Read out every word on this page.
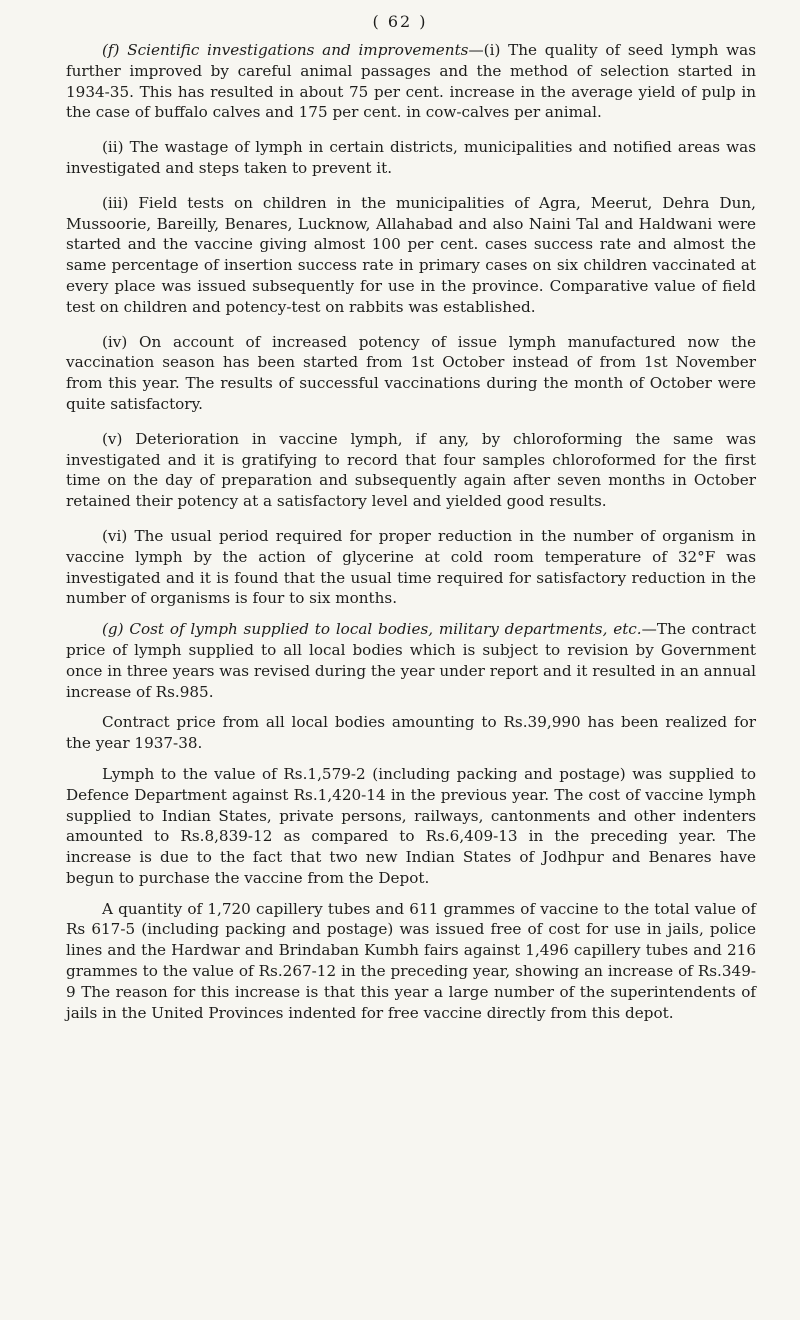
( 62 )

(f) Scientific investigations and improvements—(i) The quality of seed lymph was further improved by careful animal passages and the method of selection started in 1934-35. This has resulted in about 75 per cent. increase in the average yield of pulp in the case of buffalo calves and 175 per cent. in cow-calves per animal.

(ii) The wastage of lymph in certain districts, municipalities and notified areas was investigated and steps taken to prevent it.

(iii) Field tests on children in the municipalities of Agra, Meerut, Dehra Dun, Mussoorie, Bareilly, Benares, Lucknow, Allahabad and also Naini Tal and Haldwani were started and the vaccine giving almost 100 per cent. cases success rate and almost the same percentage of insertion success rate in primary cases on six children vaccinated at every place was issued subsequently for use in the province. Comparative value of field test on children and potency-test on rabbits was established.

(iv) On account of increased potency of issue lymph manufactured now the vaccination season has been started from 1st October instead of from 1st November from this year. The results of successful vaccinations during the month of October were quite satisfactory.

(v) Deterioration in vaccine lymph, if any, by chloroforming the same was investigated and it is gratifying to record that four samples chloroformed for the first time on the day of preparation and subsequently again after seven months in October retained their potency at a satisfactory level and yielded good results.

(vi) The usual period required for proper reduction in the number of organism in vaccine lymph by the action of glycerine at cold room temperature of 32°F was investigated and it is found that the usual time required for satisfactory reduction in the number of organisms is four to six months.

(g) Cost of lymph supplied to local bodies, military departments, etc.—The contract price of lymph supplied to all local bodies which is subject to revision by Government once in three years was revised during the year under report and it resulted in an annual increase of Rs.985.

Contract price from all local bodies amounting to Rs.39,990 has been realized for the year 1937-38.

Lymph to the value of Rs.1,579-2 (including packing and postage) was supplied to Defence Department against Rs.1,420-14 in the previous year. The cost of vaccine lymph supplied to Indian States, private persons, railways, cantonments and other indenters amounted to Rs.8,839-12 as compared to Rs.6,409-13 in the preceding year. The increase is due to the fact that two new Indian States of Jodhpur and Benares have begun to purchase the vaccine from the Depot.

A quantity of 1,720 capillery tubes and 611 grammes of vaccine to the total value of Rs 617-5 (including packing and postage) was issued free of cost for use in jails, police lines and the Hardwar and Brindaban Kumbh fairs against 1,496 capillery tubes and 216 grammes to the value of Rs.267-12 in the preceding year, showing an increase of Rs.349-9 The reason for this increase is that this year a large number of the superintendents of jails in the United Provinces indented for free vaccine directly from this depot.
